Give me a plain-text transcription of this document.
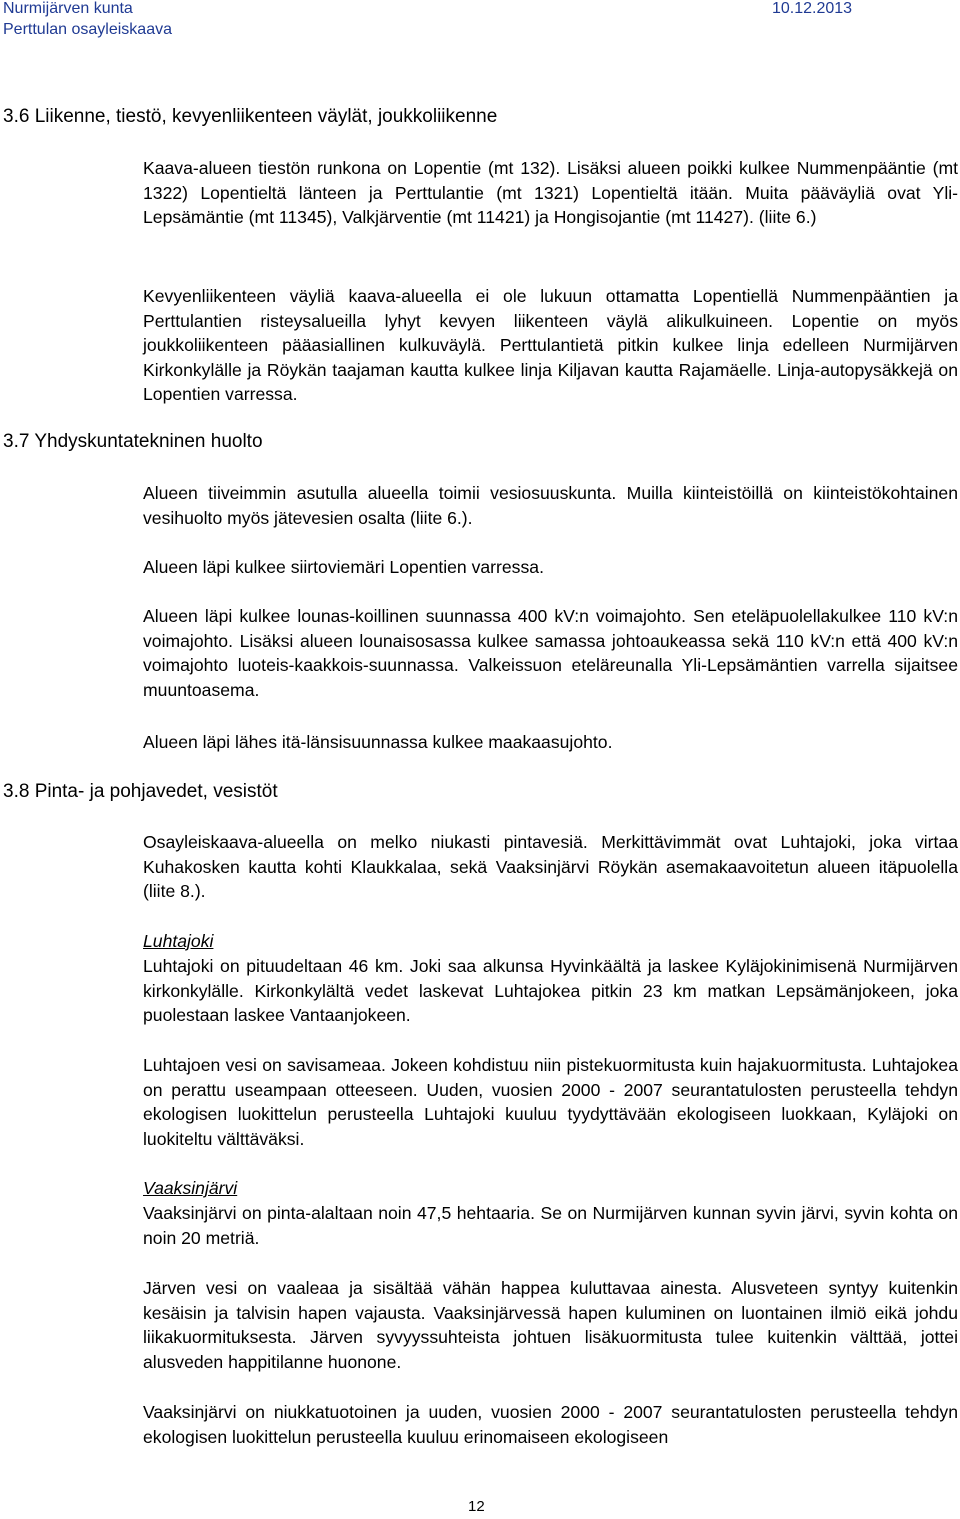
Nurmijärven kunta
Perttulan osayleiskaava
10.12.2013
3.6 Liikenne, tiestö, kevyenliikenteen väylät, joukkoliikenne

Kaava-alueen tiestön runkona on Lopentie (mt 132). Lisäksi alueen poikki kulkee Nummenpääntie (mt 1322) Lopentieltä länteen ja Perttulantie (mt 1321) Lopentieltä itään. Muita pääväyliä ovat Yli-Lepsämäntie (mt 11345), Valkjärventie (mt 11421) ja Hongisojantie (mt 11427). (liite 6.)

Kevyenliikenteen väyliä kaava-alueella ei ole lukuun ottamatta Lopentiellä Nummenpääntien ja Perttulantien risteysalueilla lyhyt kevyen liikenteen väylä alikulkuineen. Lopentie on myös joukkoliikenteen pääasiallinen kulkuväylä. Perttulantietä pitkin kulkee linja edelleen Nurmijärven Kirkonkylälle ja Röykän taajaman kautta kulkee linja Kiljavan kautta Rajamäelle. Linja-autopysäkkejä on Lopentien varressa.

3.7 Yhdyskuntatekninen huolto

Alueen tiiveimmin asutulla alueella toimii vesiosuuskunta. Muilla kiinteistöillä on kiinteistökohtainen vesihuolto myös jätevesien osalta (liite 6.).

Alueen läpi kulkee siirtoviemäri Lopentien varressa.

Alueen läpi kulkee lounas-koillinen suunnassa 400 kV:n voimajohto. Sen eteläpuolellakulkee 110 kV:n voimajohto. Lisäksi alueen lounaisosassa kulkee samassa johtoaukeassa sekä 110 kV:n että 400 kV:n voimajohto luoteis-kaakkois-suunnassa. Valkeissuon eteläreunalla Yli-Lepsämäntien varrella sijaitsee muuntoasema.

Alueen läpi lähes itä-länsisuunnassa kulkee maakaasujohto.

3.8 Pinta- ja pohjavedet, vesistöt

Osayleiskaava-alueella on melko niukasti pintavesiä. Merkittävimmät ovat Luhtajoki, joka virtaa Kuhakosken kautta kohti Klaukkalaa, sekä Vaaksinjärvi Röykän asemakaavoitetun alueen itäpuolella (liite 8.).

Luhtajoki

Luhtajoki on pituudeltaan 46 km. Joki saa alkunsa Hyvinkäältä ja laskee Kyläjokinimisenä Nurmijärven kirkonkylälle. Kirkonkylältä vedet laskevat Luhtajokea pitkin 23 km matkan Lepsämänjokeen, joka puolestaan laskee Vantaanjokeen.

Luhtajoen vesi on savisameaa. Jokeen kohdistuu niin pistekuormitusta kuin hajakuormitusta. Luhtajokea on perattu useampaan otteeseen. Uuden, vuosien 2000 - 2007 seurantatulosten perusteella tehdyn ekologisen luokittelun perusteella Luhtajoki kuuluu tyydyttävään ekologiseen luokkaan, Kyläjoki on luokiteltu välttäväksi.

Vaaksinjärvi

Vaaksinjärvi on pinta-alaltaan noin 47,5 hehtaaria. Se on Nurmijärven kunnan syvin järvi, syvin kohta on noin 20 metriä.

Järven vesi on vaaleaa ja sisältää vähän happea kuluttavaa ainesta. Alusveteen syntyy kuitenkin kesäisin ja talvisin hapen vajausta. Vaaksinjärvessä hapen kuluminen on luontainen ilmiö eikä johdu liikakuormituksesta. Järven syvyyssuhteista johtuen lisäkuormitusta tulee kuitenkin välttää, jottei alusveden happitilanne huonone.

Vaaksinjärvi on niukkatuotoinen ja uuden, vuosien 2000 - 2007 seurantatulosten perusteella tehdyn ekologisen luokittelun perusteella kuuluu erinomaiseen ekologiseen

12
